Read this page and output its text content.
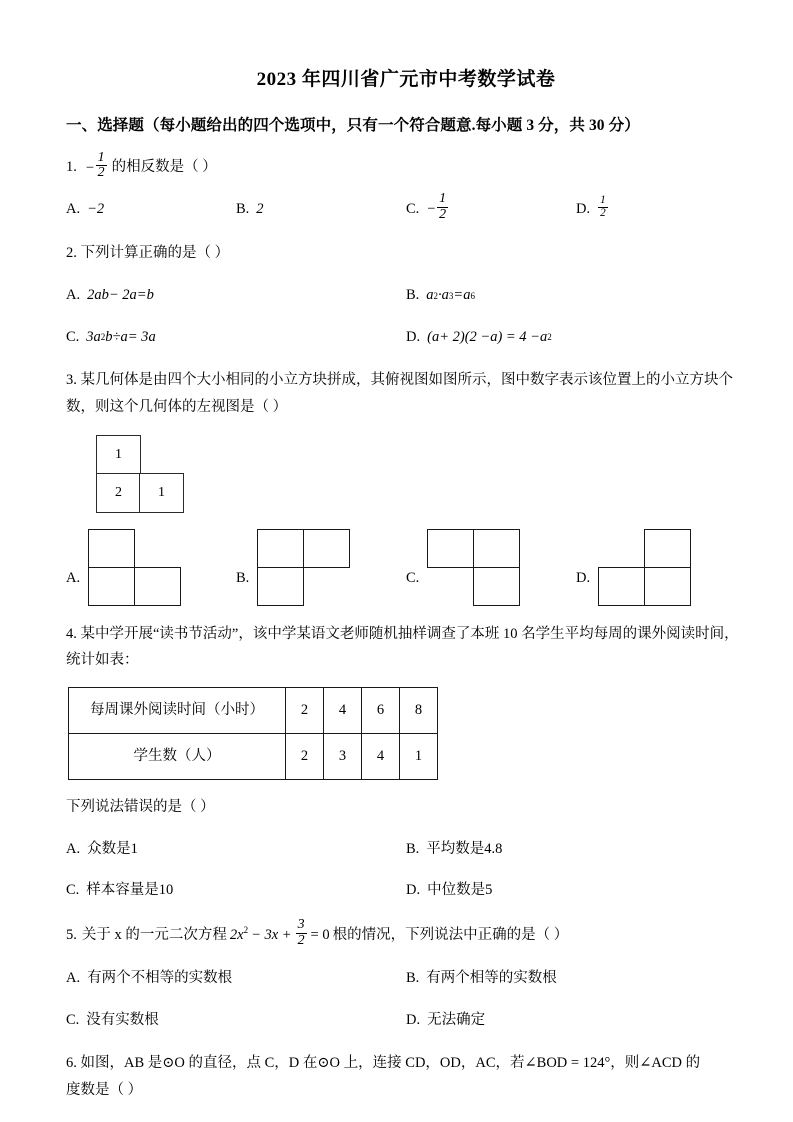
2023 年四川省广元市中考数学试卷
一、选择题（每小题给出的四个选项中，只有一个符合题意.每小题 3 分，共 30 分）
1. − $\frac{1}{2}$ 的相反数是（ ）
A. −2	B. 2	C. − $\frac{1}{2}$	D. $\frac{1}{2}$
2. 下列计算正确的是（ ）
A. 2 ab − 2 a = b	B. a 2 · a 3 = a 6
C. 3 a 2 b ÷ a = 3 a	D. ( a + 2)(2 − a ) = 4 − a 2
3. 某几何体是由四个大小相同的小立方块拼成，其俯视图如图所示，图中数字表示该位置上的小立方块个
数，则这个几何体的左视图是（ ）
1
2	1
A.	B.	C.	D.
4. 某中学开展“读书节活动”，该中学某语文老师随机抽样调查了本班 10 名学生平均每周的课外阅读时间，
统计如表：
每周课外阅读时间（小时）	2	4	6	8
学生数（人）	2	3	4	1
下列说法错误的是（ ）
A. 众数是1	B. 平均数是4.8
C. 样本容量是10	D. 中位数是5
5. 关于 x 的一元二次方程 $2x^2 - 3x + \frac{3}{2} = 0$ 根的情况，下列说法中正确的是（ ）
A. 有两个不相等的实数根	B. 有两个相等的实数根
C. 没有实数根	D. 无法确定
6. 如图，AB 是⊙O 的直径，点 C，D 在⊙O 上，连接 CD，OD，AC，若∠BOD = 124°，则∠ACD 的
度数是（ ）
